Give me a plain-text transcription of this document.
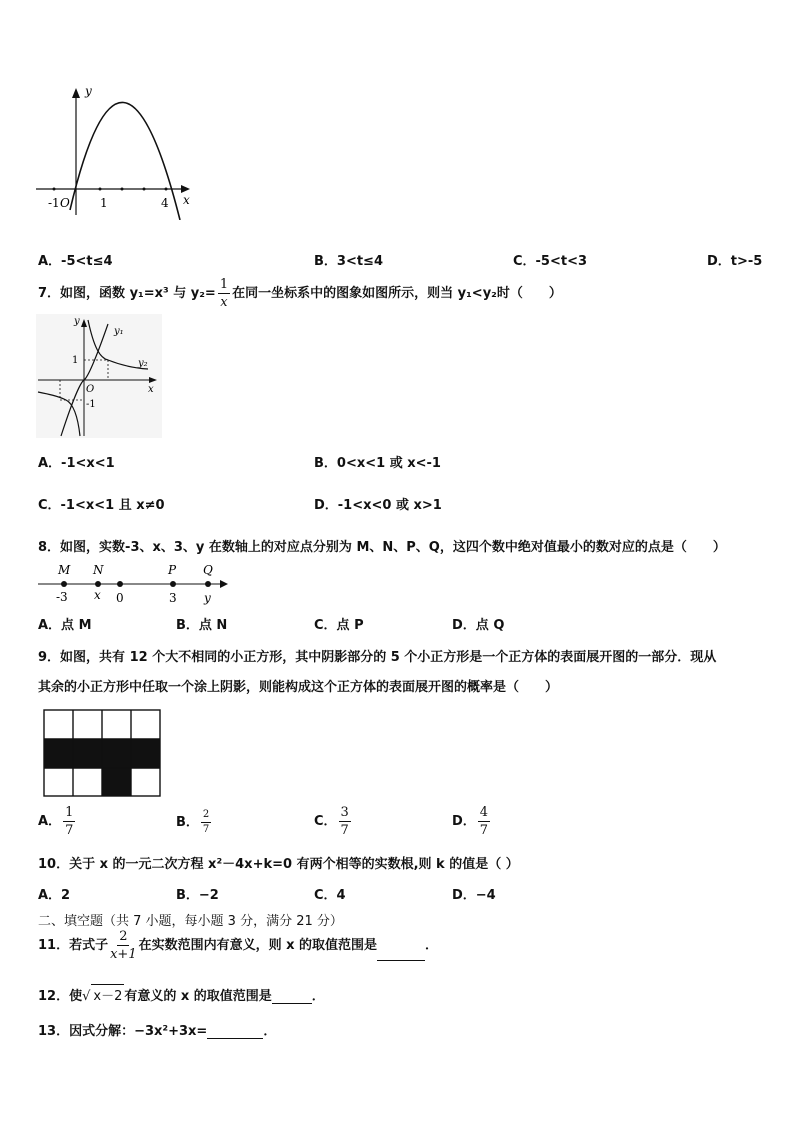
y
x
-1 O	1	4
A．-5<t≤4	B．3<t≤4	C．-5<t<3	D．t>-5
7．如图，函数 y₁=x³ 与 $y_2= \frac{1}{x}$ 在同一坐标系中的图象如图所示，则当 y₁<y₂时（　　）
y
x
O
1
-1
y₁
y₂
A．-1<x<1	B．0<x<1 或 x<-1
C．-1<x<1 且 x≠0	D．-1<x<0 或 x>1
8．如图，实数-3、x、3、y 在数轴上的对应点分别为 M、N、P、Q，这四个数中绝对值最小的数对应的点是（　　）
M N	P Q
-3 x 0	3 y
A．点 M	B．点 N	C．点 P	D．点 Q
9．如图，共有 12 个大不相同的小正方形，其中阴影部分的 5 个小正方形是一个正方体的表面展开图的一部分．现从
其余的小正方形中任取一个涂上阴影，则能构成这个正方体的表面展开图的概率是（　　）
A． $\frac{1}{7}$	B． $\frac{2}{7}$	C． $\frac{3}{7}$	D． $\frac{4}{7}$
10．关于 x 的一元二次方程 x²－4x+k=0 有两个相等的实数根,则 k 的值是（ ）
A．2	B．−2	C．4	D．−4
二、填空题（共 7 小题，每小题 3 分，满分 21 分）
11．若式子 $\frac{2}{x+1}$ 在实数范围内有意义，则 x 的取值范围是	．
12．使√ x－2 有意义的 x 的取值范围是	．
13．因式分解：−3x²+3x=	．
